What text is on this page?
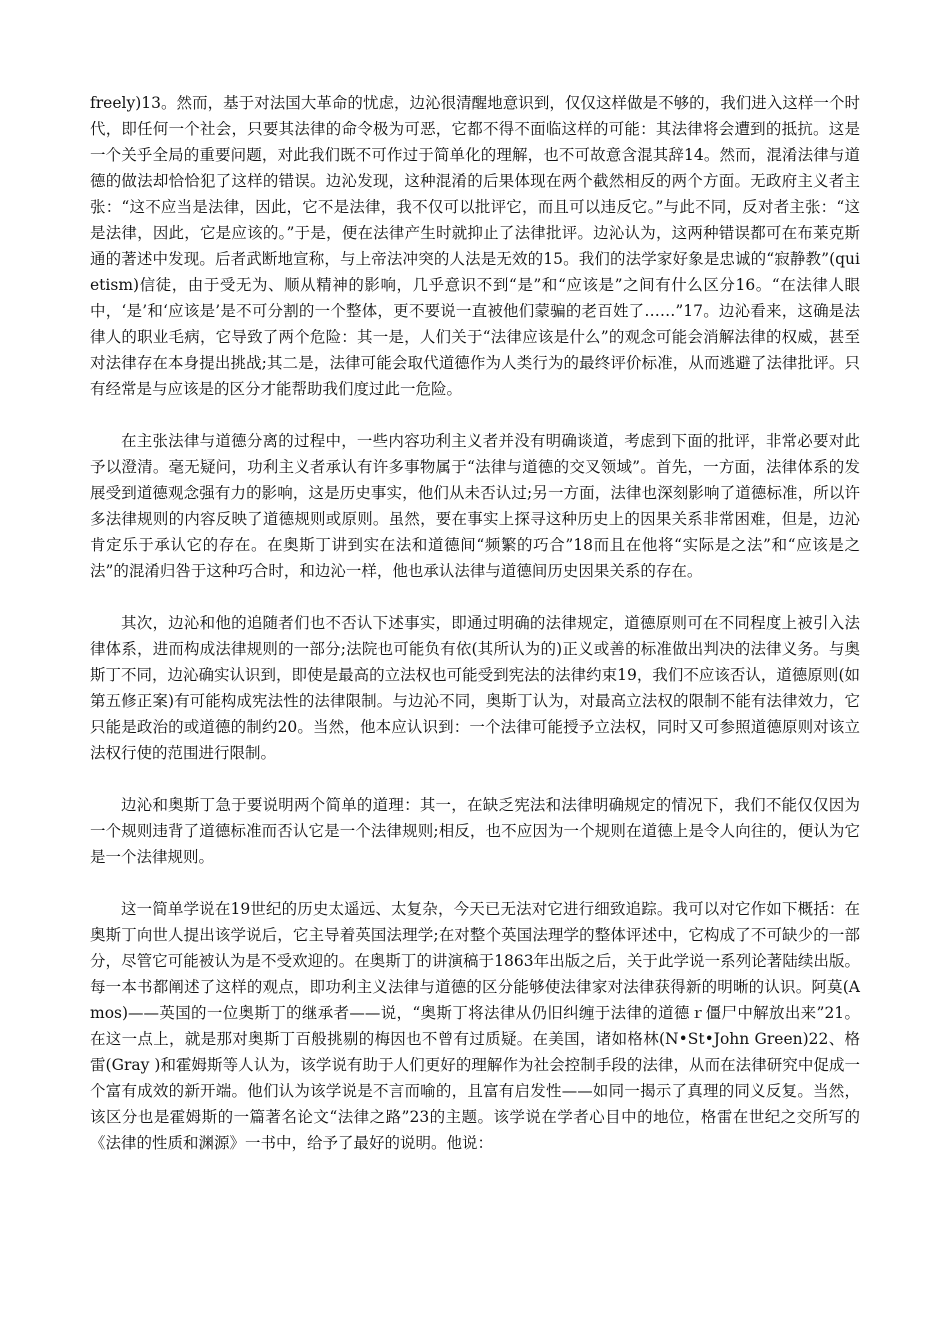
freely)13。然而，基于对法国大革命的忧虑，边沁很清醒地意识到，仅仅这样做是不够的，我们进入这样一个时代，即任何一个社会，只要其法律的命令极为可恶，它都不得不面临这样的可能：其法律将会遭到的抵抗。这是一个关乎全局的重要问题，对此我们既不可作过于简单化的理解，也不可故意含混其辞14。然而，混淆法律与道德的做法却恰恰犯了这样的错误。边沁发现，这种混淆的后果体现在两个截然相反的两个方面。无政府主义者主张：“这不应当是法律，因此，它不是法律，我不仅可以批评它，而且可以违反它。”与此不同，反对者主张：“这是法律，因此，它是应该的。”于是，便在法律产生时就抑止了法律批评。边沁认为，这两种错误都可在布莱克斯通的著述中发现。后者武断地宣称，与上帝法冲突的人法是无效的15。我们的法学家好象是忠诚的“寂静教”(quietism)信徒，由于受无为、顺从精神的影响，几乎意识不到“是”和“应该是”之间有什么区分16。“在法律人眼中，‘是’和‘应该是’是不可分割的一个整体，更不要说一直被他们蒙骗的老百姓了……”17。边沁看来，这确是法律人的职业毛病，它导致了两个危险：其一是，人们关于“法律应该是什么”的观念可能会消解法律的权威，甚至对法律存在本身提出挑战;其二是，法律可能会取代道德作为人类行为的最终评价标准，从而逃避了法律批评。只有经常是与应该是的区分才能帮助我们度过此一危险。

在主张法律与道德分离的过程中，一些内容功利主义者并没有明确谈道，考虑到下面的批评，非常必要对此予以澄清。毫无疑问，功利主义者承认有许多事物属于“法律与道德的交叉领域”。首先，一方面，法律体系的发展受到道德观念强有力的影响，这是历史事实，他们从未否认过;另一方面，法律也深刻影响了道德标准，所以许多法律规则的内容反映了道德规则或原则。虽然，要在事实上探寻这种历史上的因果关系非常困难，但是，边沁肯定乐于承认它的存在。在奥斯丁讲到实在法和道德间“频繁的巧合”18而且在他将“实际是之法”和“应该是之法”的混淆归咎于这种巧合时，和边沁一样，他也承认法律与道德间历史因果关系的存在。

其次，边沁和他的追随者们也不否认下述事实，即通过明确的法律规定，道德原则可在不同程度上被引入法律体系，进而构成法律规则的一部分;法院也可能负有依(其所认为的)正义或善的标准做出判决的法律义务。与奥斯丁不同，边沁确实认识到，即使是最高的立法权也可能受到宪法的法律约束19，我们不应该否认，道德原则(如第五修正案)有可能构成宪法性的法律限制。与边沁不同，奥斯丁认为，对最高立法权的限制不能有法律效力，它只能是政治的或道德的制约20。当然，他本应认识到：一个法律可能授予立法权，同时又可参照道德原则对该立法权行使的范围进行限制。

边沁和奥斯丁急于要说明两个简单的道理：其一，在缺乏宪法和法律明确规定的情况下，我们不能仅仅因为一个规则违背了道德标准而否认它是一个法律规则;相反，也不应因为一个规则在道德上是令人向往的，便认为它是一个法律规则。

这一简单学说在19世纪的历史太遥远、太复杂，今天已无法对它进行细致追踪。我可以对它作如下概括：在奥斯丁向世人提出该学说后，它主导着英国法理学;在对整个英国法理学的整体评述中，它构成了不可缺少的一部分，尽管它可能被认为是不受欢迎的。在奥斯丁的讲演稿于1863年出版之后，关于此学说一系列论著陆续出版。每一本书都阐述了这样的观点，即功利主义法律与道德的区分能够使法律家对法律获得新的明晰的认识。阿莫(Amos)——英国的一位奥斯丁的继承者——说，“奥斯丁将法律从仍旧纠缠于法律的道德ｒ僵尸中解放出来”21。在这一点上，就是那对奥斯丁百般挑剔的梅因也不曾有过质疑。在美国，诸如格林(N•St•John Green)22、格雷(Gray )和霍姆斯等人认为，该学说有助于人们更好的理解作为社会控制手段的法律，从而在法律研究中促成一个富有成效的新开端。他们认为该学说是不言而喻的，且富有启发性——如同一揭示了真理的同义反复。当然，该区分也是霍姆斯的一篇著名论文“法律之路”23的主题。该学说在学者心目中的地位，格雷在世纪之交所写的《法律的性质和渊源》一书中，给予了最好的说明。他说：
